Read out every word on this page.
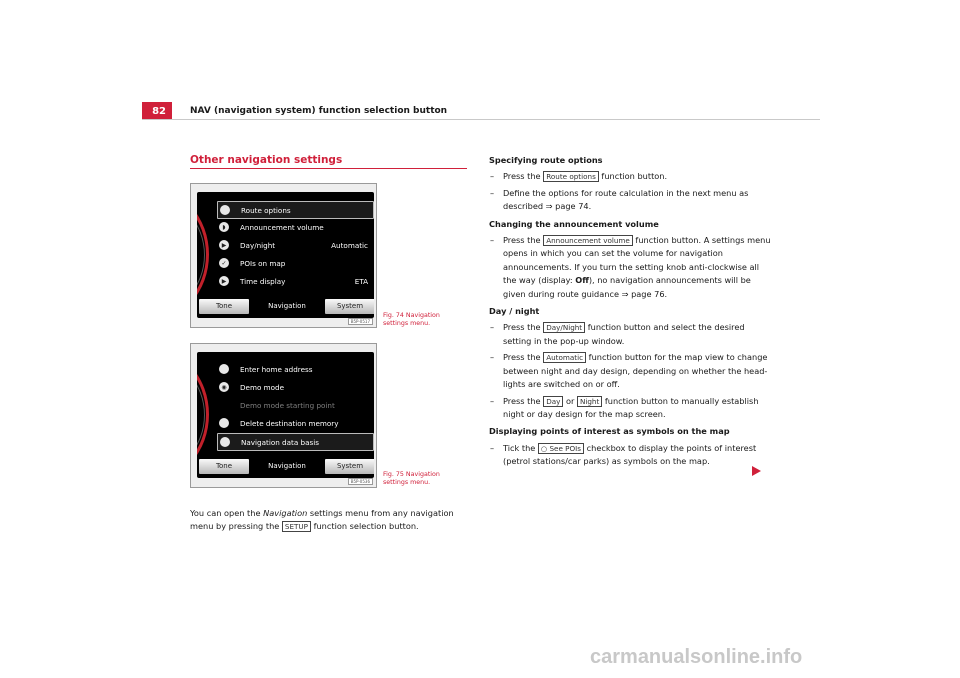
82	NAV (navigation system) function selection button
Other navigation settings
Route options
◗	Announcement volume
▶	Day/night	Automatic
✓	POIs on map
▶	Time display	ETA
Tone	Navigation	System
B5P-0517
Fig. 74 Navigation
settings menu.
Enter home address
◉	Demo mode
Demo mode starting point
Delete destination memory
Navigation data basis
Tone	Navigation	System
B5P-0536
Fig. 75 Navigation
settings menu.
You can open the Navigation settings menu from any navigation menu by pressing the SETUP function selection button.
Specifying route options
– Press the Route options function button.
– Define the options for route calculation in the next menu as described ⇒ page 74.
Changing the announcement volume
– Press the Announcement volume function button. A settings menu opens in which you can set the volume for navigation announcements. If you turn the setting knob anti-clockwise all the way (display: Off), no navigation announcements will be given during route guidance ⇒ page 76.
Day / night
– Press the Day/Night function button and select the desired setting in the pop-up window.
– Press the Automatic function button for the map view to change between night and day design, depending on whether the head-lights are switched on or off.
– Press the Day or Night function button to manually establish night or day design for the map screen.
Displaying points of interest as symbols on the map
– Tick the ○ See POIs checkbox to display the points of interest (petrol stations/car parks) as symbols on the map.
carmanualsonline.info
